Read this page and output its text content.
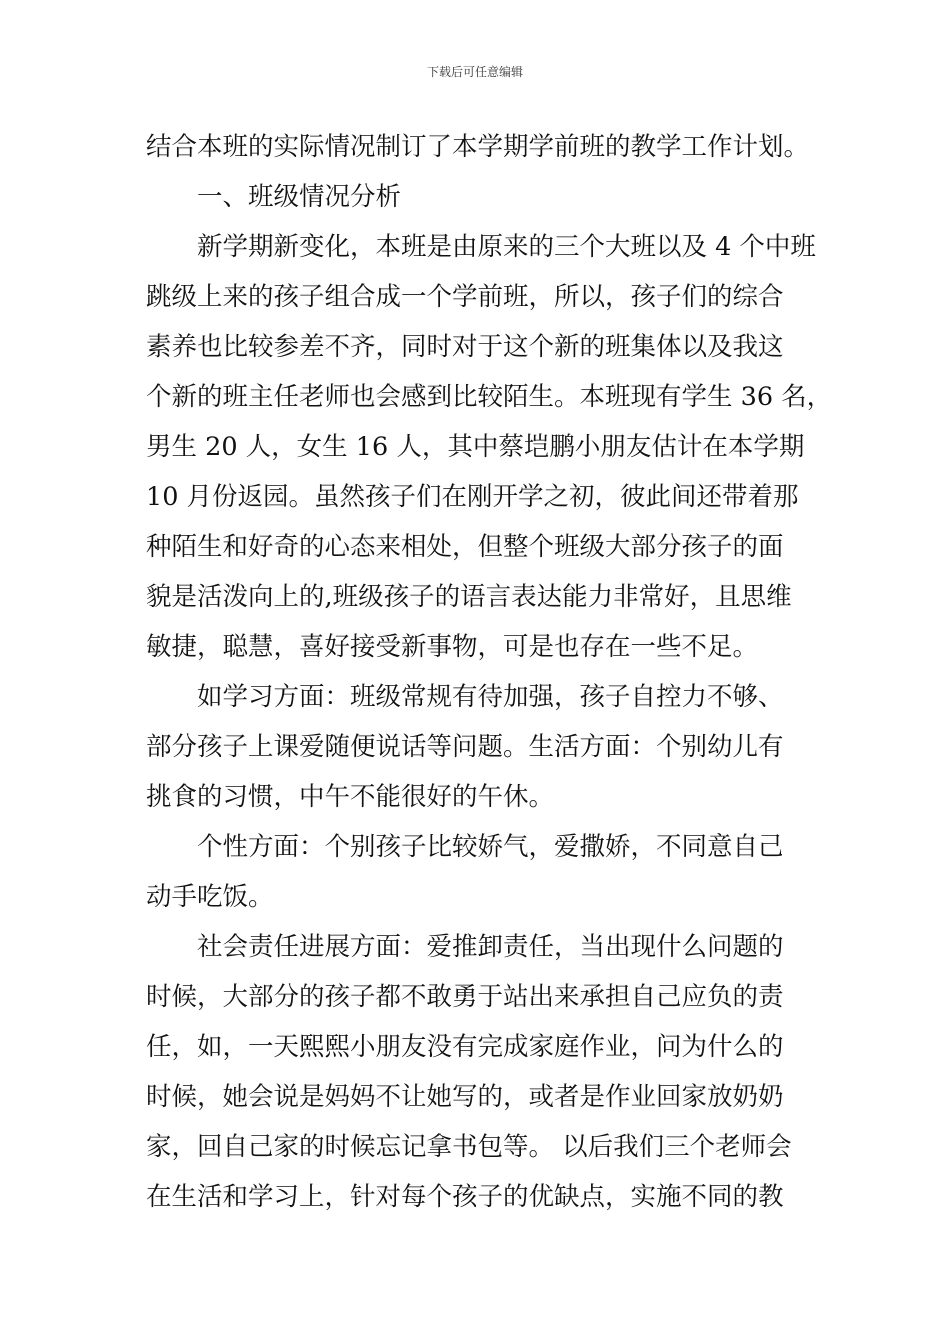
下载后可任意编辑
结合本班的实际情况制订了本学期学前班的教学工作计划。
一、班级情况分析
新学期新变化，本班是由原来的三个大班以及 4 个中班
跳级上来的孩子组合成一个学前班，所以，孩子们的综合
素养也比较参差不齐，同时对于这个新的班集体以及我这
个新的班主任老师也会感到比较陌生。本班现有学生 36 名，
男生 20 人，女生 16 人，其中蔡垲鹏小朋友估计在本学期
10 月份返园。虽然孩子们在刚开学之初，彼此间还带着那
种陌生和好奇的心态来相处，但整个班级大部分孩子的面
貌是活泼向上的,班级孩子的语言表达能力非常好，且思维
敏捷，聪慧，喜好接受新事物，可是也存在一些不足。
如学习方面：班级常规有待加强，孩子自控力不够、
部分孩子上课爱随便说话等问题。生活方面：个别幼儿有
挑食的习惯，中午不能很好的午休。
个性方面：个别孩子比较娇气，爱撒娇，不同意自己
动手吃饭。
社会责任进展方面：爱推卸责任，当出现什么问题的
时候，大部分的孩子都不敢勇于站出来承担自己应负的责
任，如，一天熙熙小朋友没有完成家庭作业，问为什么的
时候，她会说是妈妈不让她写的，或者是作业回家放奶奶
家，回自己家的时候忘记拿书包等。 以后我们三个老师会
在生活和学习上，针对每个孩子的优缺点，实施不同的教
